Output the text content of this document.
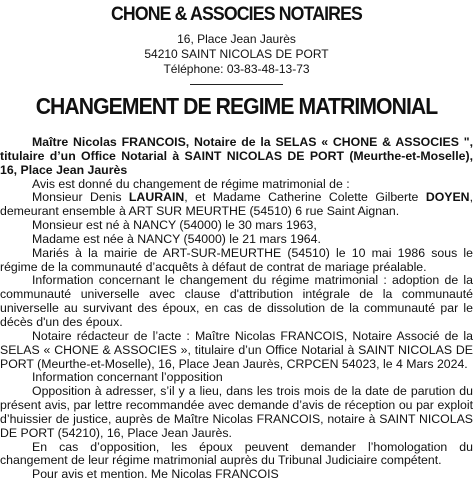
CHONE & ASSOCIES NOTAIRES
16, Place Jean Jaurès
54210 SAINT NICOLAS DE PORT
Téléphone: 03-83-48-13-73
CHANGEMENT DE REGIME MATRIMONIAL

Maître Nicolas FRANCOIS, Notaire de la SELAS « CHONE & ASSOCIES ", titulaire d’un Office Notarial à SAINT NICOLAS DE PORT (Meurthe-et-Moselle), 16, Place Jean Jaurès

Avis est donné du changement de régime matrimonial de :

Monsieur Denis LAURAIN, et Madame Catherine Colette Gilberte DOYEN, demeurant ensemble à ART SUR MEURTHE (54510) 6 rue Saint Aignan.

Monsieur est né à NANCY (54000) le 30 mars 1963,

Madame est née à NANCY (54000) le 21 mars 1964.

Mariés à la mairie de ART-SUR-MEURTHE (54510) le 10 mai 1986 sous le régime de la communauté d’acquêts à défaut de contrat de mariage préalable.

Information concernant le changement du régime matrimonial : adoption de la communauté universelle avec clause d'attribution intégrale de la communauté universelle au survivant des époux, en cas de dissolution de la communauté par le décès d'un des époux.

Notaire rédacteur de l’acte : Maître Nicolas FRANCOIS, Notaire Associé de la SELAS « CHONE & ASSOCIES », titulaire d’un Office Notarial à SAINT NICOLAS DE PORT (Meurthe-et-Moselle), 16, Place Jean Jaurès, CRPCEN 54023, le 4 Mars 2024.

Information concernant l’opposition

Opposition à adresser, s’il y a lieu, dans les trois mois de la date de parution du présent avis, par lettre recommandée avec demande d’avis de réception ou par exploit d’huissier de justice, auprès de Maître Nicolas FRANCOIS, notaire à SAINT NICOLAS DE PORT (54210), 16, Place Jean Jaurès.

En cas d’opposition, les époux peuvent demander l’homologation du changement de leur régime matrimonial auprès du Tribunal Judiciaire compétent.

Pour avis et mention. Me Nicolas FRANCOIS
